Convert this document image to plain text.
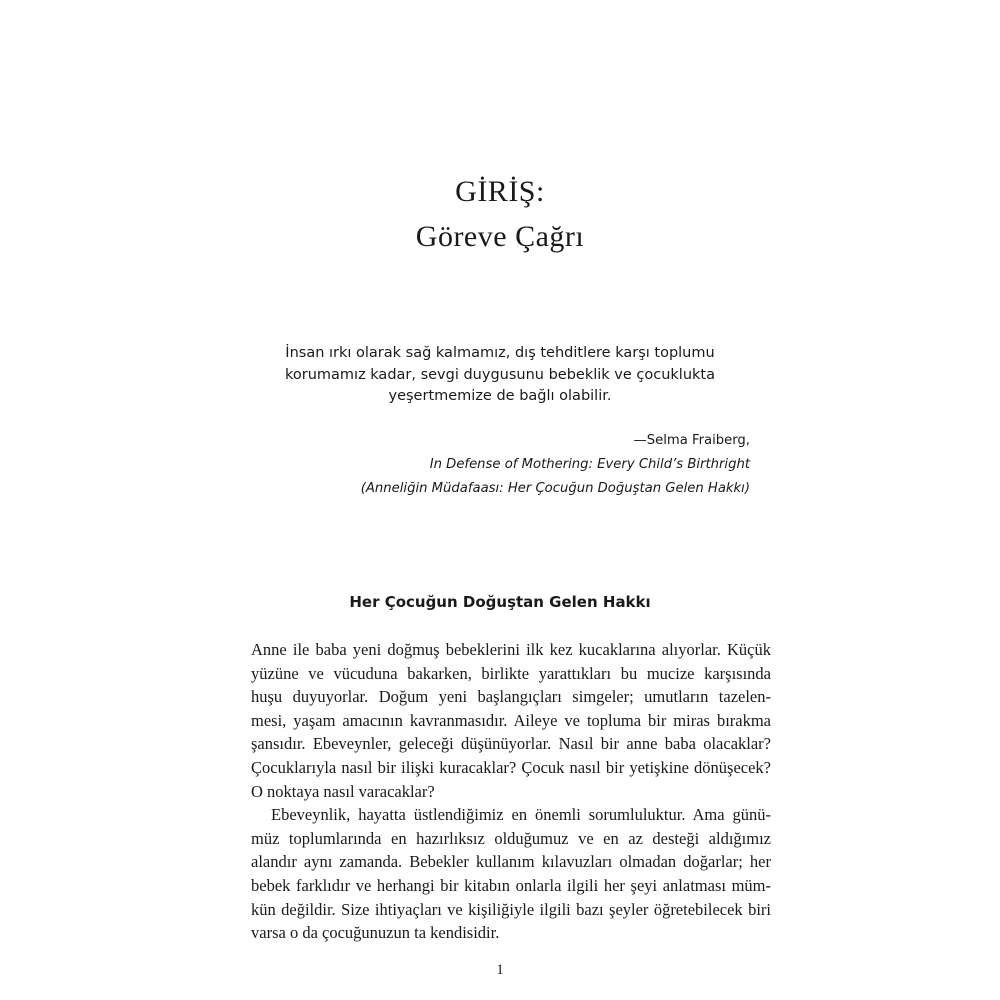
GİRİŞ:
Göreve Çağrı

İnsan ırkı olarak sağ kalmamız, dış tehditlere karşı toplumu

korumamız kadar, sevgi duygusunu bebeklik ve çocuklukta

yeşertmemize de bağlı olabilir.

—Selma Fraiberg,
In Defense of Mothering: Every Child’s Birthright
(Anneliğin Müdafaası: Her Çocuğun Doğuştan Gelen Hakkı)
Her Çocuğun Doğuştan Gelen Hakkı
Anne ile baba yeni doğmuş bebeklerini ilk kez kucaklarına alıyorlar. Küçük
yüzüne ve vücuduna bakarken, birlikte yarattıkları bu mucize karşısında
huşu duyuyorlar. Doğum yeni başlangıçları simgeler; umutların tazelen-
mesi, yaşam amacının kavranmasıdır. Aileye ve topluma bir miras bırakma
şansıdır. Ebeveynler, geleceği düşünüyorlar. Nasıl bir anne baba olacaklar?
Çocuklarıyla nasıl bir ilişki kuracaklar? Çocuk nasıl bir yetişkine dönüşecek?
O noktaya nasıl varacaklar?
Ebeveynlik, hayatta üstlendiğimiz en önemli sorumluluktur. Ama günü-
müz toplumlarında en hazırlıksız olduğumuz ve en az desteği aldığımız
alandır aynı zamanda. Bebekler kullanım kılavuzları olmadan doğarlar; her
bebek farklıdır ve herhangi bir kitabın onlarla ilgili her şeyi anlatması müm-
kün değildir. Size ihtiyaçları ve kişiliğiyle ilgili bazı şeyler öğretebilecek biri
varsa o da çocuğunuzun ta kendisidir.
1
